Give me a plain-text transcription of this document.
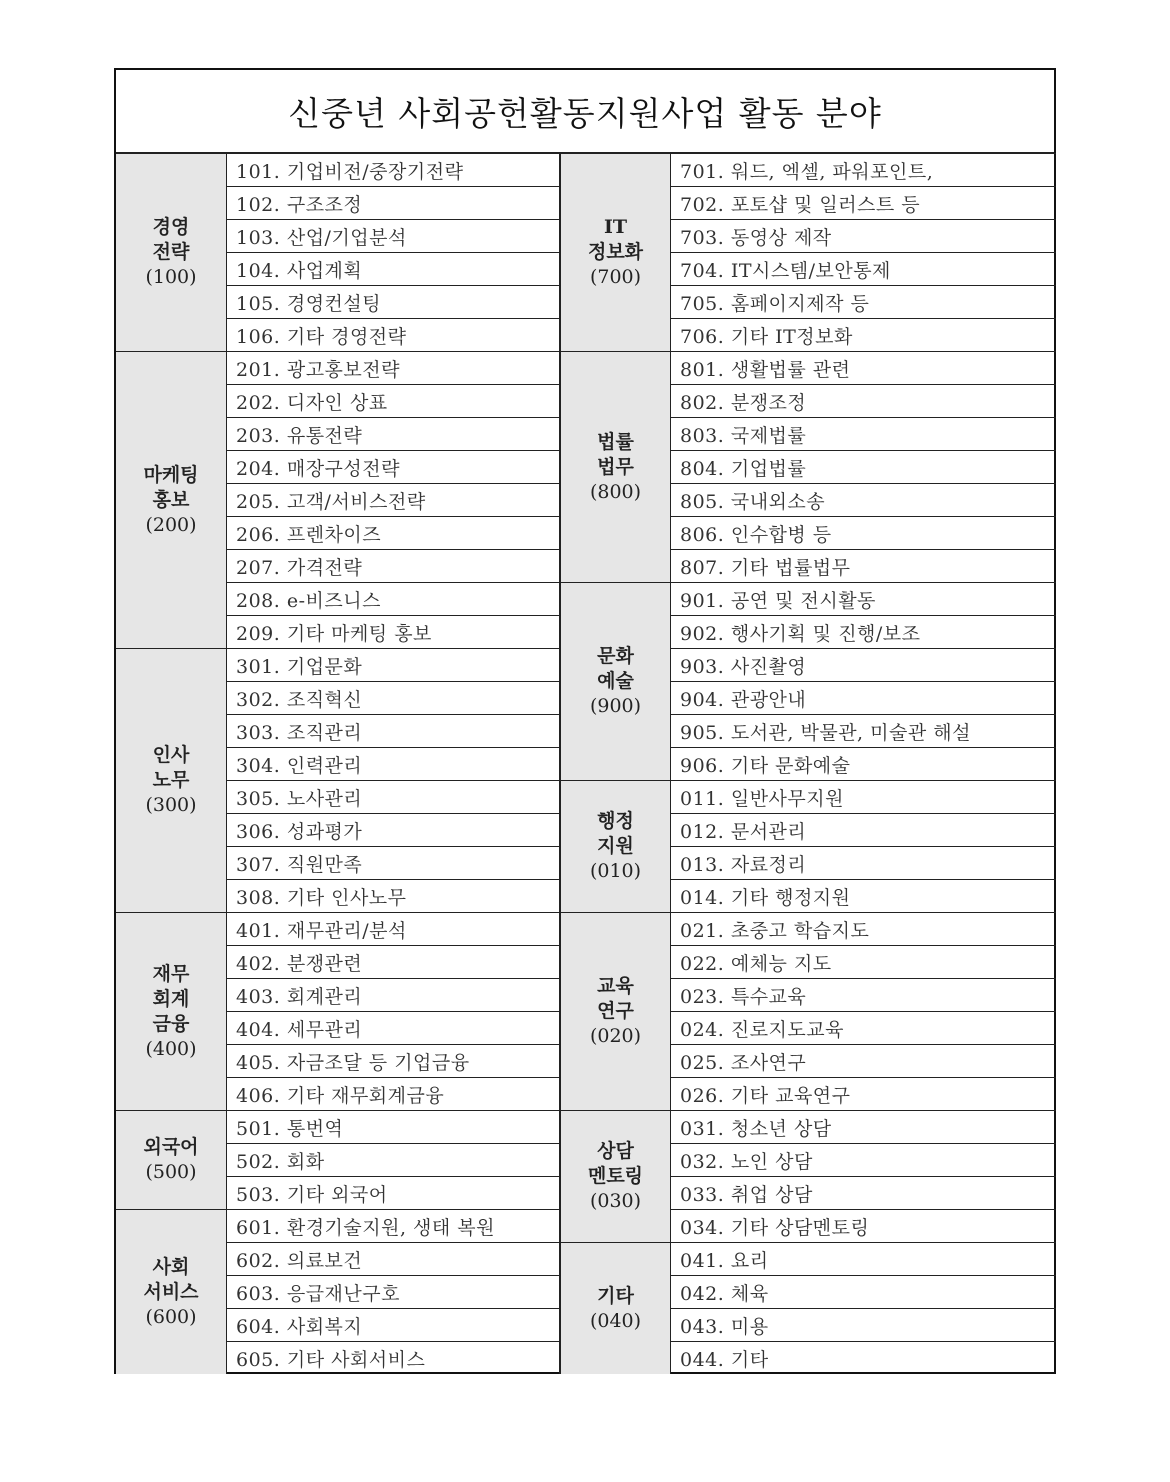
신중년 사회공헌활동지원사업 활동 분야
경영
전략
(100)
101. 기업비전/중장기전략
102. 구조조정
103. 산업/기업분석
104. 사업계획
105. 경영컨설팅
106. 기타 경영전략
마케팅
홍보
(200)
201. 광고홍보전략
202. 디자인 상표
203. 유통전략
204. 매장구성전략
205. 고객/서비스전략
206. 프렌차이즈
207. 가격전략
208. e-비즈니스
209. 기타 마케팅 홍보
인사
노무
(300)
301. 기업문화
302. 조직혁신
303. 조직관리
304. 인력관리
305. 노사관리
306. 성과평가
307. 직원만족
308. 기타 인사노무
재무
회계
금융
(400)
401. 재무관리/분석
402. 분쟁관련
403. 회계관리
404. 세무관리
405. 자금조달 등 기업금융
406. 기타 재무회계금융
외국어
(500)
501. 통번역
502. 회화
503. 기타 외국어
사회
서비스
(600)
601. 환경기술지원, 생태 복원
602. 의료보건
603. 응급재난구호
604. 사회복지
605. 기타 사회서비스
IT
정보화
(700)
701. 워드, 엑셀, 파워포인트,
702. 포토샵 및 일러스트 등
703. 동영상 제작
704. IT시스템/보안통제
705. 홈페이지제작 등
706. 기타 IT정보화
법률
법무
(800)
801. 생활법률 관련
802. 분쟁조정
803. 국제법률
804. 기업법률
805. 국내외소송
806. 인수합병 등
807. 기타 법률법무
문화
예술
(900)
901. 공연 및 전시활동
902. 행사기획 및 진행/보조
903. 사진촬영
904. 관광안내
905. 도서관, 박물관, 미술관 해설
906. 기타 문화예술
행정
지원
(010)
011. 일반사무지원
012. 문서관리
013. 자료정리
014. 기타 행정지원
교육
연구
(020)
021. 초중고 학습지도
022. 예체능 지도
023. 특수교육
024. 진로지도교육
025. 조사연구
026. 기타 교육연구
상담
멘토링
(030)
031. 청소년 상담
032. 노인 상담
033. 취업 상담
034. 기타 상담멘토링
기타
(040)
041. 요리
042. 체육
043. 미용
044. 기타
